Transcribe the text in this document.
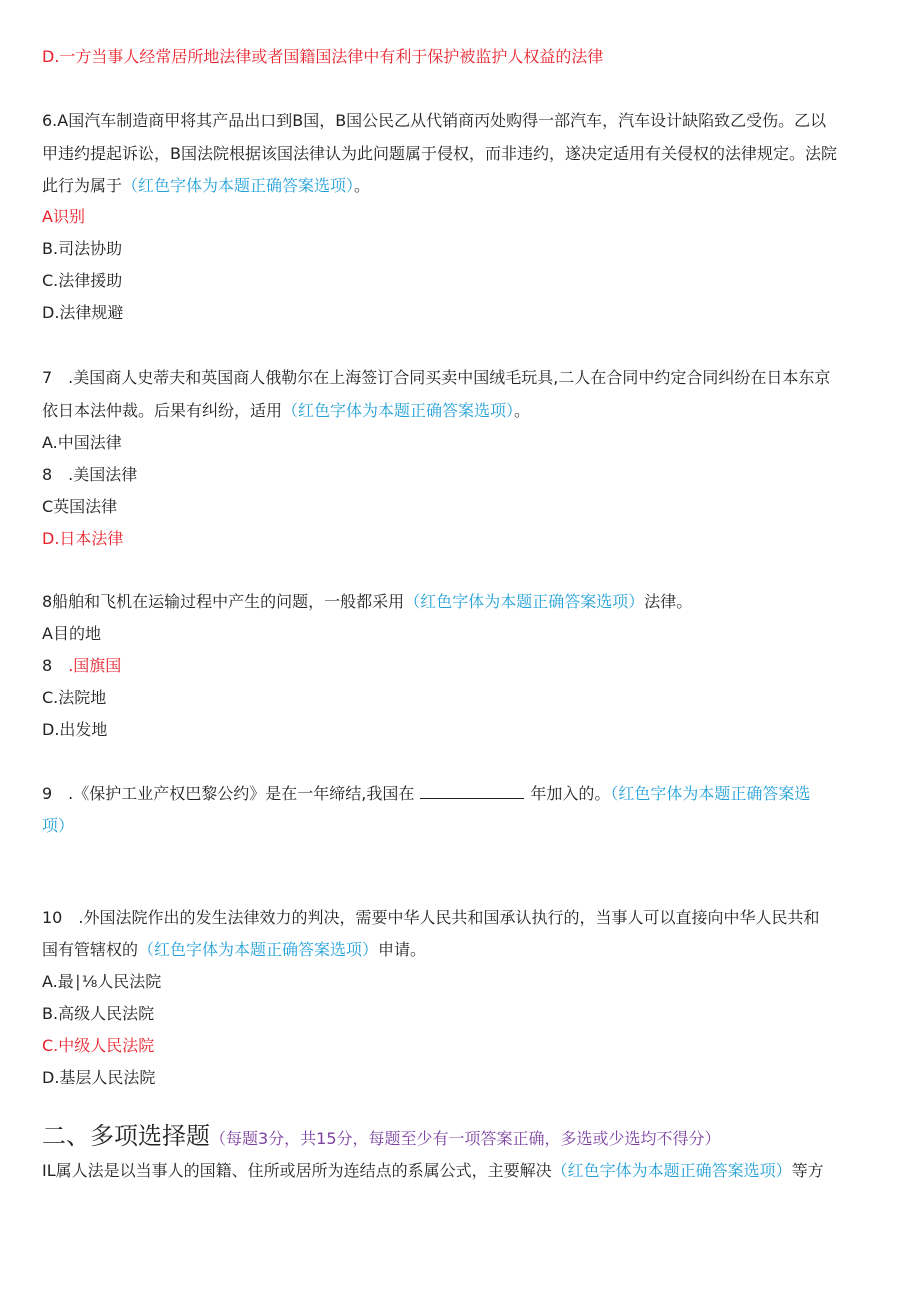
D.一方当事人经常居所地法律或者国籍国法律中有利于保护被监护人权益的法律
6.A国汽车制造商甲将其产品出口到B国，B国公民乙从代销商丙处购得一部汽车，汽车设计缺陷致乙受伤。乙以
甲违约提起诉讼，B国法院根据该国法律认为此问题属于侵权，而非违约，遂决定适用有关侵权的法律规定。法院
此行为属于（红色字体为本题正确答案选项）。
A识别
B.司法协助
C.法律援助
D.法律规避
7　.美国商人史蒂夫和英国商人俄勒尔在上海签订合同买卖中国绒毛玩具,二人在合同中约定合同纠纷在日本东京
依日本法仲裁。后果有纠纷，适用（红色字体为本题正确答案选项）。
A.中国法律
8　.美国法律
C英国法律
D.日本法律
8船舶和飞机在运输过程中产生的问题，一般都采用（红色字体为本题正确答案选项）法律。
A目的地
8　.国旗国
C.法院地
D.出发地
9　.《保护工业产权巴黎公约》是在一年缔结,我国在	年加入的。（红色字体为本题正确答案选
项）
10　.外国法院作出的发生法律效力的判决，需要中华人民共和国承认执行的，当事人可以直接向中华人民共和
国有管辖权的（红色字体为本题正确答案选项）申请。
A.最∣⅛人民法院
B.高级人民法院
C.中级人民法院
D.基层人民法院
二、多项选择题（每题3分，共15分，每题至少有一项答案正确，多选或少选均不得分）
IL属人法是以当事人的国籍、住所或居所为连结点的系属公式，主要解决（红色字体为本题正确答案选项）等方
